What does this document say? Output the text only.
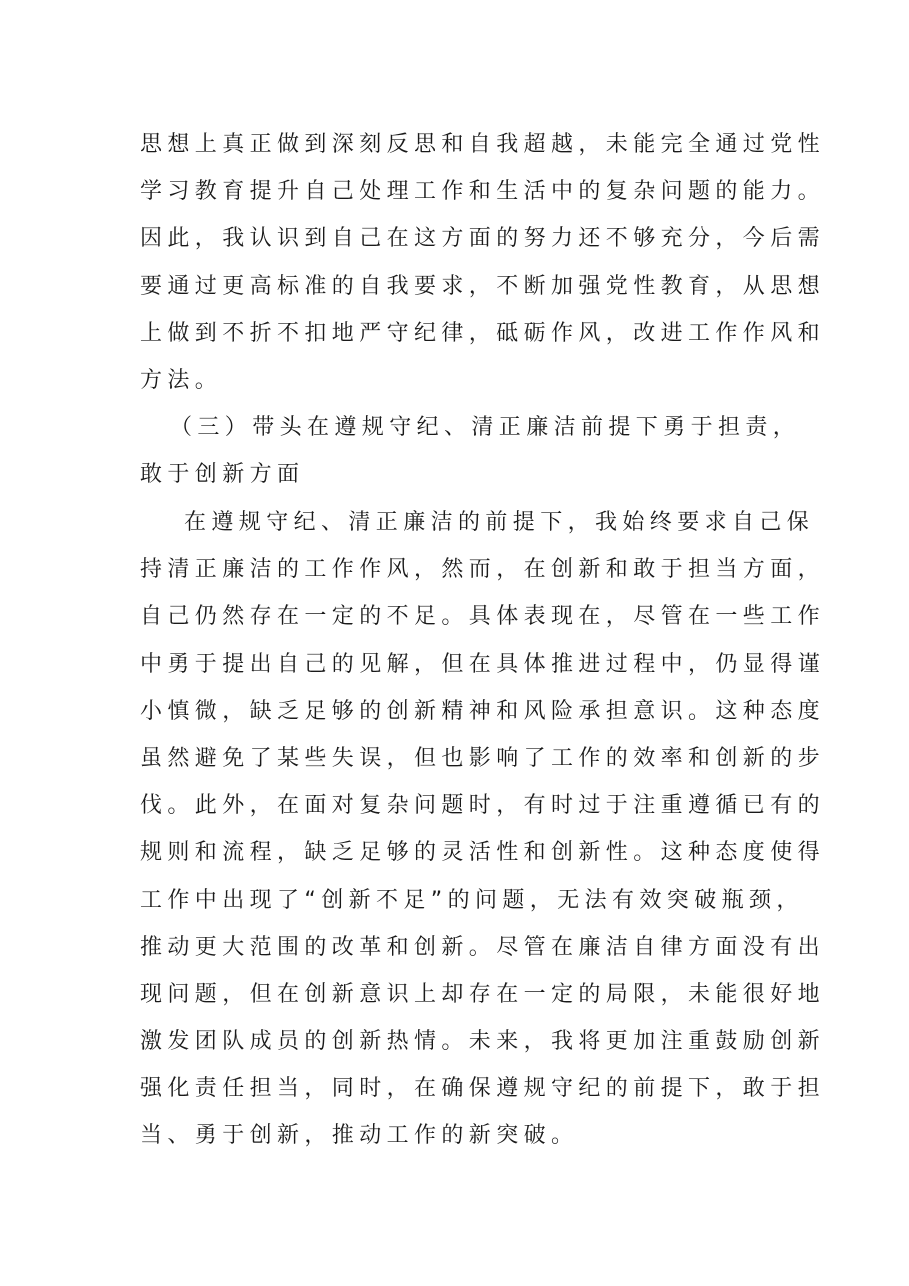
思想上真正做到深刻反思和自我超越，未能完全通过党性
学习教育提升自己处理工作和生活中的复杂问题的能力。
因此，我认识到自己在这方面的努力还不够充分，今后需
要通过更高标准的自我要求，不断加强党性教育，从思想
上做到不折不扣地严守纪律，砥砺作风，改进工作作风和
方法。
（三）带头在遵规守纪、清正廉洁前提下勇于担责，
敢于创新方面
在遵规守纪、清正廉洁的前提下，我始终要求自己保
持清正廉洁的工作作风，然而，在创新和敢于担当方面，
自己仍然存在一定的不足。具体表现在，尽管在一些工作
中勇于提出自己的见解，但在具体推进过程中，仍显得谨
小慎微，缺乏足够的创新精神和风险承担意识。这种态度
虽然避免了某些失误，但也影响了工作的效率和创新的步
伐。此外，在面对复杂问题时，有时过于注重遵循已有的
规则和流程，缺乏足够的灵活性和创新性。这种态度使得
工作中出现了“创新不足”的问题，无法有效突破瓶颈，
推动更大范围的改革和创新。尽管在廉洁自律方面没有出
现问题，但在创新意识上却存在一定的局限，未能很好地
激发团队成员的创新热情。未来，我将更加注重鼓励创新
强化责任担当，同时，在确保遵规守纪的前提下，敢于担
当、勇于创新，推动工作的新突破。
